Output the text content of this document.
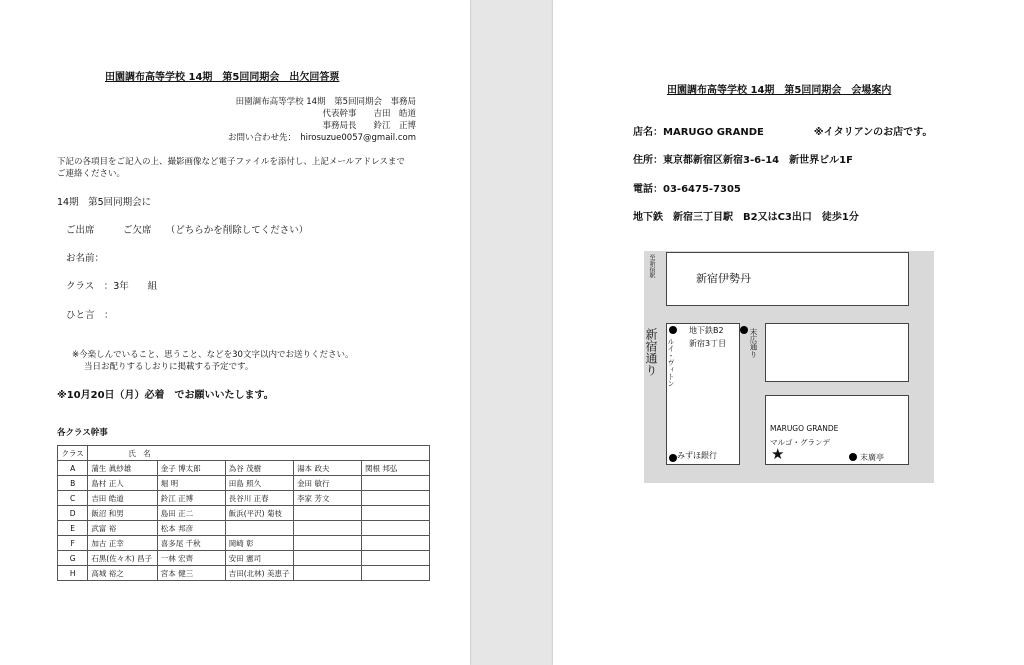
田園調布高等学校 14期　第5回同期会　出欠回答票
田園調布高等学校 14期　第5回同期会　事務局
代表幹事　　吉田　皓道
事務局長　　鈴江　正博
お問い合わせ先：　hirosuzue0057@gmail.com
下記の各項目をご記入の上、撮影画像など電子ファイルを添付し、上記メールアドレスまで
ご連絡ください。
14期　第5回同期会に
ご出席　　　ご欠席　　（どちらかを削除してください）
お名前：
クラス　：3年　　組
ひと言　：
※今楽しんでいること、思うこと、などを30文字以内でお送りください。
当日お配りするしおりに掲載する予定です。
※10月20日（月）必着　でお願いいたします。
各クラス幹事
クラス	氏　名				
A	蒲生 眞紗雄	金子 博太郎	為谷 茂樹	湯本 政夫	関根 邦弘
B	島村 正人	堀 明	田島 照久	金田 敏行	
C	吉田 皓道	鈴江 正博	長谷川 正春	李家 芳文	
D	飯沼 和男	島田 正二	飯浜(平沢) 菊枝		
E	武富 裕	松本 邦彦			
F	加古 正幸	喜多尾 千秋	岡崎 彰		
G	石黒(佐々木) 昌子	一林 宏齊	安田 憲司		
H	高城 裕之	宮本 健三	吉田(北林) 美恵子		
田園調布高等学校 14期　第5回同期会　会場案内
店名：MARUGO GRANDE　　　　　※イタリアンのお店です。
住所：東京都新宿区新宿3-6-14　新世界ビル1F
電話：03-6475-7305
地下鉄　新宿三丁目駅　B2又はC3出口　徒歩1分
至新宿駅
新宿伊勢丹
新宿通り ルイ・ヴィトン
地下鉄B2
新宿3丁目
みずほ銀行
末広通り
MARUGO GRANDE
マルゴ・グランデ
★	末廣亭
